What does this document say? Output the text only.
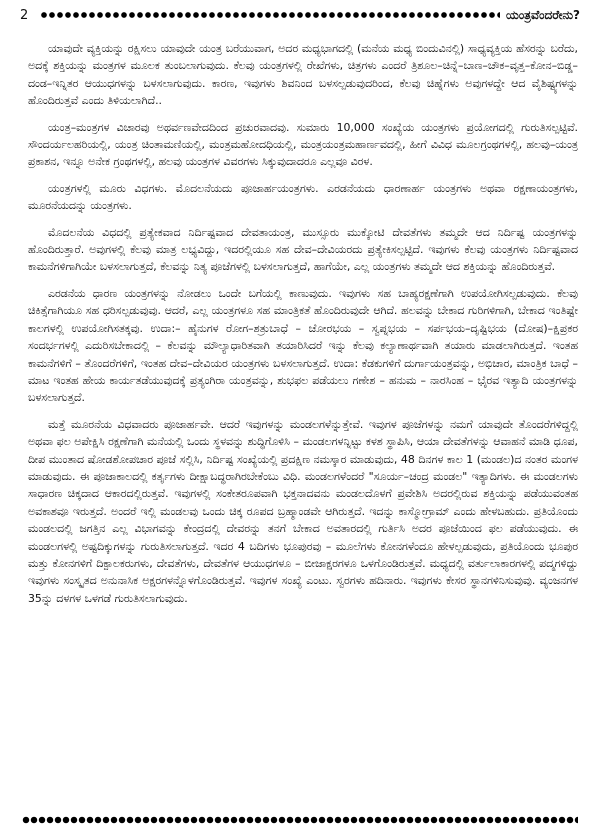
2	ಯಂತ್ರವೆಂದರೇನು?

ಯಾವುದೇ ವ್ಯಕ್ತಿಯನ್ನು ರಕ್ಷಿಸಲು ಯಾವುದೇ ಯಂತ್ರ ಬರೆಯುವಾಗ, ಅದರ ಮಧ್ಯಭಾಗದಲ್ಲಿ (ಮನೆಯ ಮಧ್ಯ ಬಿಂದುವಿನಲ್ಲಿ) ಸಾಧ್ಯವ್ಯಕ್ತಿಯ ಹೆಸರನ್ನು ಬರೆದು, ಅದಕ್ಕೆ ಶಕ್ತಿಯನ್ನು ಮಂತ್ರಗಳ ಮೂಲಕ ತುಂಬಲಾಗುವುದು. ಕೆಲವು ಯಂತ್ರಗಳಲ್ಲಿ ರೇಖೆಗಳು, ಚಿತ್ರಗಳು ಎಂದರೆ ತ್ರಿಶೂಲ–ಚಿನ್ನೆ–ಬಾಣ–ಚೌಕ–ವೃತ್ತ–ಕೋನ–ಬಿಡ್ಡ–ದಂಡ–ಇನ್ನಿತರ ಆಯುಧಗಳನ್ನು ಬಳಸಲಾಗುವುದು. ಕಾರಣ, ಇವುಗಳು ಶಿವನಿಂದ ಬಳಸಲ್ಪಡುವುದರಿಂದ, ಕೆಲವು ಚಿಹ್ನೆಗಳು ಅವುಗಳದ್ದೇ ಆದ ವೈಶಿಷ್ಟ್ಯಗಳನ್ನು ಹೊಂದಿರುತ್ತವೆ ಎಂದು ತಿಳಿಯಲಾಗಿದೆ..

ಯಂತ್ರ–ಮಂತ್ರಗಳ ವಿಚಾರವು ಅಥರ್ವಣವೇದದಿಂದ ಪ್ರಚುರವಾದವು. ಸುಮಾರು 10,000 ಸಂಖ್ಯೆಯ ಯಂತ್ರಗಳು ಪ್ರಯೋಗದಲ್ಲಿ ಗುರುತಿಸಲ್ಪಟ್ಟಿವೆ. ಸೌಂದರ್ಯಲಹರಿಯಲ್ಲಿ, ಯಂತ್ರ ಚಿಂತಾಮಣಿಯಲ್ಲಿ, ಮಂತ್ರಮಹೋದಧಿಯಲ್ಲಿ, ಮಂತ್ರಯಂತ್ರಮಹಾರ್ಣವದಲ್ಲಿ, ಹೀಗೆ ವಿವಿಧ ಮೂಲಗ್ರಂಥಗಳಲ್ಲಿ, ಹಲವು–ಯಂತ್ರ ಪ್ರಕಾಶನ, ಇನ್ನೂ ಅನೇಕ ಗ್ರಂಥಗಳಲ್ಲಿ, ಹಲವು ಯಂತ್ರಗಳ ವಿವರಗಳು ಸಿಕ್ಕುವುದಾದರೂ ಎಲ್ಲವೂ ವಿರಳ.

ಯಂತ್ರಗಳಲ್ಲಿ ಮೂರು ವಿಧಗಳು. ಮೊದಲನೆಯದು ಪೂಜಾರ್ಹಯಂತ್ರಗಳು. ಎರಡನೆಯದು ಧಾರಣಾರ್ಹ ಯಂತ್ರಗಳು ಅಥವಾ ರಕ್ಷಣಾಯಂತ್ರಗಳು, ಮೂರನೆಯದನ್ನು ಯಂತ್ರಗಳು.

ಮೊದಲನೆಯ ವಿಧದಲ್ಲಿ ಪ್ರತ್ಯೇಕವಾದ ನಿರ್ದಿಷ್ಟವಾದ ದೇವತಾಯಂತ್ರ, ಮುಸ್ಸೂರು ಮುಕ್ಕೋಟಿ ದೇವತೆಗಳು ತಮ್ಮದೇ ಆದ ನಿರ್ದಿಷ್ಟ ಯಂತ್ರಗಳನ್ನು ಹೊಂದಿರುತ್ತಾರೆ. ಅವುಗಳಲ್ಲಿ ಕೆಲವು ಮಾತ್ರ ಲಭ್ಯವಿದ್ದು, ಇದರಲ್ಲಿಯೂ ಸಹ ದೇವ–ದೇವಿಯರದು ಪ್ರತ್ಯೇಕಿಸಲ್ಪಟ್ಟಿದೆ. ಇವುಗಳು ಕೆಲವು ಯಂತ್ರಗಳು ನಿರ್ದಿಷ್ಟವಾದ ಕಾಮನೆಗಳಿಗಾಗಿಯೇ ಬಳಸಲಾಗುತ್ತದೆ, ಕೆಲವನ್ನು ನಿತ್ಯ ಪೂಜೆಗಳಲ್ಲಿ ಬಳಸಲಾಗುತ್ತದೆ, ಹಾಗೆಯೇ, ಎಲ್ಲ ಯಂತ್ರಗಳು ತಮ್ಮದೇ ಆದ ಶಕ್ತಿಯನ್ನು ಹೊಂದಿರುತ್ತವೆ.

ಎರಡನೆಯ ಧಾರಣ ಯಂತ್ರಗಳನ್ನು ನೋಡಲು ಒಂದೇ ಬಗೆಯಲ್ಲಿ ಕಾಣುವುದು. ಇವುಗಳು ಸಹ ಬಾಹ್ಯರಕ್ಷಣೆಗಾಗಿ ಉಪಯೋಗಿಸಲ್ಪಡುವುದು. ಕೆಲವು ಚಿಕಿತ್ಸೆಗಾಗಿಯೂ ಸಹ ಧರಿಸಲ್ಪಡುವುವು. ಆದರೆ, ಎಲ್ಲ ಯಂತ್ರಗಳೂ ಸಹ ಮಾಂತ್ರಿಕತೆ ಹೊಂದಿರುವುದೇ ಆಗಿದೆ. ಹಲವನ್ನು ಬೇಕಾದ ಗುರಿಗಳಿಗಾಗಿ, ಬೇಕಾದ ಇಂತಿಷ್ಟೇ ಕಾಲಗಳಲ್ಲಿ ಉಪಯೋಗಿಸತಕ್ಕವು. ಉದಾ:– ಹೈನುಗಳ ರೋಗ–ಶತ್ರುಬಾಧೆ – ಚೋರಭಯ – ಸ್ವಪ್ನಭಯ – ಸರ್ಪಭಯ–ದೃಷ್ಟಿಭಯ (ದೋಷ)–ಕ್ಷಿಪ್ರಕರ ಸಂದರ್ಭಗಳಲ್ಲಿ ಎದುರಿಸಬೇಕಾದಲ್ಲಿ – ಕೆಲವನ್ನು ಮೌಲ್ಯಾಧಾರಿತವಾಗಿ ತಯಾರಿಸಿದರೆ ಇನ್ನು ಕೆಲವು ಕಲ್ಯಾಣಾರ್ಥವಾಗಿ ತಯಾರು ಮಾಡಲಾಗಿರುತ್ತದೆ. ಇಂತಹ ಕಾಮನೆಗಳಿಗೆ – ತೊಂದರೆಗಳಿಗೆ, ಇಂತಹ ದೇವ–ದೇವಿಯರ ಯಂತ್ರಗಳು ಬಳಸಲಾಗುತ್ತದೆ. ಉದಾ: ಕೆಡಕುಗಳಿಗೆ ದುರ್ಗಾಯಂತ್ರವನ್ನು, ಅಭಿಚಾರ, ಮಾಂತ್ರಿಕ ಬಾಧೆ – ಮಾಟ ಇಂತಹ ಹೇಯ ಕಾರ್ಯತಡೆಯುವುದಕ್ಕೆ ಪ್ರತ್ಯಂಗಿರಾ ಯಂತ್ರವನ್ನು, ಶುಭಫಲ ಪಡೆಯಲು ಗಣೇಶ – ಹನುಮ – ನಾರಸಿಂಹ – ಭೈರವ ಇತ್ಯಾದಿ ಯಂತ್ರಗಳನ್ನು ಬಳಸಲಾಗುತ್ತದೆ.

ಮತ್ತೆ ಮೂರನೆಯ ವಿಧವಾದರು ಪೂಜಾರ್ಹವೇ. ಆದರೆ ಇವುಗಳನ್ನು ಮಂಡಲಗಳೆನ್ನುತ್ತೇವೆ. ಇವುಗಳ ಪೂಜೆಗಳನ್ನು ನಮಗೆ ಯಾವುದೇ ತೊಂದರೆಗಳಿದ್ದಲ್ಲಿ ಅಥವಾ ಫಲ ಅಪೇಕ್ಷಿಸಿ ರಕ್ಷಣೆಗಾಗಿ ಮನೆಯಲ್ಲಿ ಒಂದು ಸ್ಥಳವನ್ನು ಶುದ್ಧಿಗೊಳಿಸಿ – ಮಂಡಲಗಳನ್ನಿಟ್ಟು ಕಳಶ ಸ್ಥಾಪಿಸಿ, ಆಯಾ ದೇವತೆಗಳನ್ನು ಆವಾಹನೆ ಮಾಡಿ ಧೂಪ, ದೀಪ ಮುಂತಾದ ಷೋಡಶೋಪಚಾರ ಪೂಜೆ ಸಲ್ಲಿಸಿ, ನಿರ್ದಿಷ್ಟ ಸಂಖ್ಯೆಯಲ್ಲಿ ಪ್ರದಕ್ಷಿಣ ನಮಸ್ಕಾರ ಮಾಡುವುದು, 48 ದಿನಗಳ ಕಾಲ 1 (ಮಂಡಲ)ದ ನಂತರ ಮಂಗಳ ಮಾಡುವುದು. ಈ ಪೂಜಾಕಾಲದಲ್ಲಿ ಕರ್ತೃಗಳು ದೀಕ್ಷಾಬದ್ಧರಾಗಿರಬೇಕೆಂಬು ವಿಧಿ. ಮಂಡಲಗಳೆಂದರೆ "ಸೂರ್ಯ–ಚಂದ್ರ ಮಂಡಲ" ಇತ್ಯಾದಿಗಳು. ಈ ಮಂಡಲಗಳು ಸಾಧಾರಣ ಚಿಕ್ಕದಾದ ಆಕಾರದಲ್ಲಿರುತ್ತವೆ. ಇವುಗಳಲ್ಲಿ ಸಂಕೇತರೂಪವಾಗಿ ಭಕ್ತನಾದವನು ಮಂಡಲದೊಳಗೆ ಪ್ರವೇಶಿಸಿ ಅದರಲ್ಲಿರುವ ಶಕ್ತಿಯನ್ನು ಪಡೆಯುವಂತಹ ಅವಕಾಶವೂ ಇರುತ್ತದೆ. ಅಂದರೆ ಇಲ್ಲಿ ಮಂಡಲವು ಒಂದು ಚಿಕ್ಕ ರೂಪದ ಬ್ರಹ್ಮಾಂಡವೇ ಆಗಿರುತ್ತದೆ. ಇದನ್ನು ಕಾಸ್ಮೋಗ್ರಾಮ್ ಎಂದು ಹೇಳಬಹುದು. ಪ್ರತಿಯೊಂದು ಮಂಡಲದಲ್ಲಿ ಜಗತ್ತಿನ ಎಲ್ಲ ವಿಭಾಗವನ್ನು ಕೇಂದ್ರದಲ್ಲಿ ದೇವರನ್ನು ತನಗೆ ಬೇಕಾದ ಅವತಾರದಲ್ಲಿ ಗುರ್ತಿಸಿ ಅದರ ಪೂಜೆಯಿಂದ ಫಲ ಪಡೆಯುವುದು. ಈ ಮಂಡಲಗಳಲ್ಲಿ ಅಷ್ಟದಿಕ್ಕುಗಳನ್ನು ಗುರುತಿಸಲಾಗುತ್ತದೆ. ಇದರ 4 ಬದಿಗಳು ಭೂಪುರವು – ಮೂಲೆಗಳು ಕೋನಗಳೆಂದೂ ಹೇಳಲ್ಪಡುವುದು, ಪ್ರತಿಯೊಂದು ಭೂಪುರ ಮತ್ತು ಕೋನಗಳಿಗೆ ದಿಕ್ಪಾಲಕರುಗಳು, ದೇವತೆಗಳು, ದೇವತೆಗಳ ಆಯುಧಗಳೂ – ಬೀಜಾಕ್ಷರಗಳೂ ಒಳಗೊಂಡಿರುತ್ತವೆ. ಮಧ್ಯದಲ್ಲಿ ವರ್ತುಲಾಕಾರಗಳಲ್ಲಿ ಪದ್ಮಗಳಿದ್ದು ಇವುಗಳು ಸಂಸ್ಕೃತದ ಅನುನಾಸಿಕ ಅಕ್ಷರಗಳನ್ನೊಳಗೊಂಡಿರುತ್ತವೆ. ಇವುಗಳ ಸಂಖ್ಯೆ ಎಂಟು. ಸ್ವರಗಳು ಹದಿನಾರು. ಇವುಗಳು ಕೇಸರ ಸ್ಥಾನಗಳಿನಿಸುವುವು. ವ್ಯಂಜನಗಳ 35ನ್ನು ದಳಗಳ ಒಳಗಡೆ ಗುರುತಿಸಲಾಗುವುದು.
